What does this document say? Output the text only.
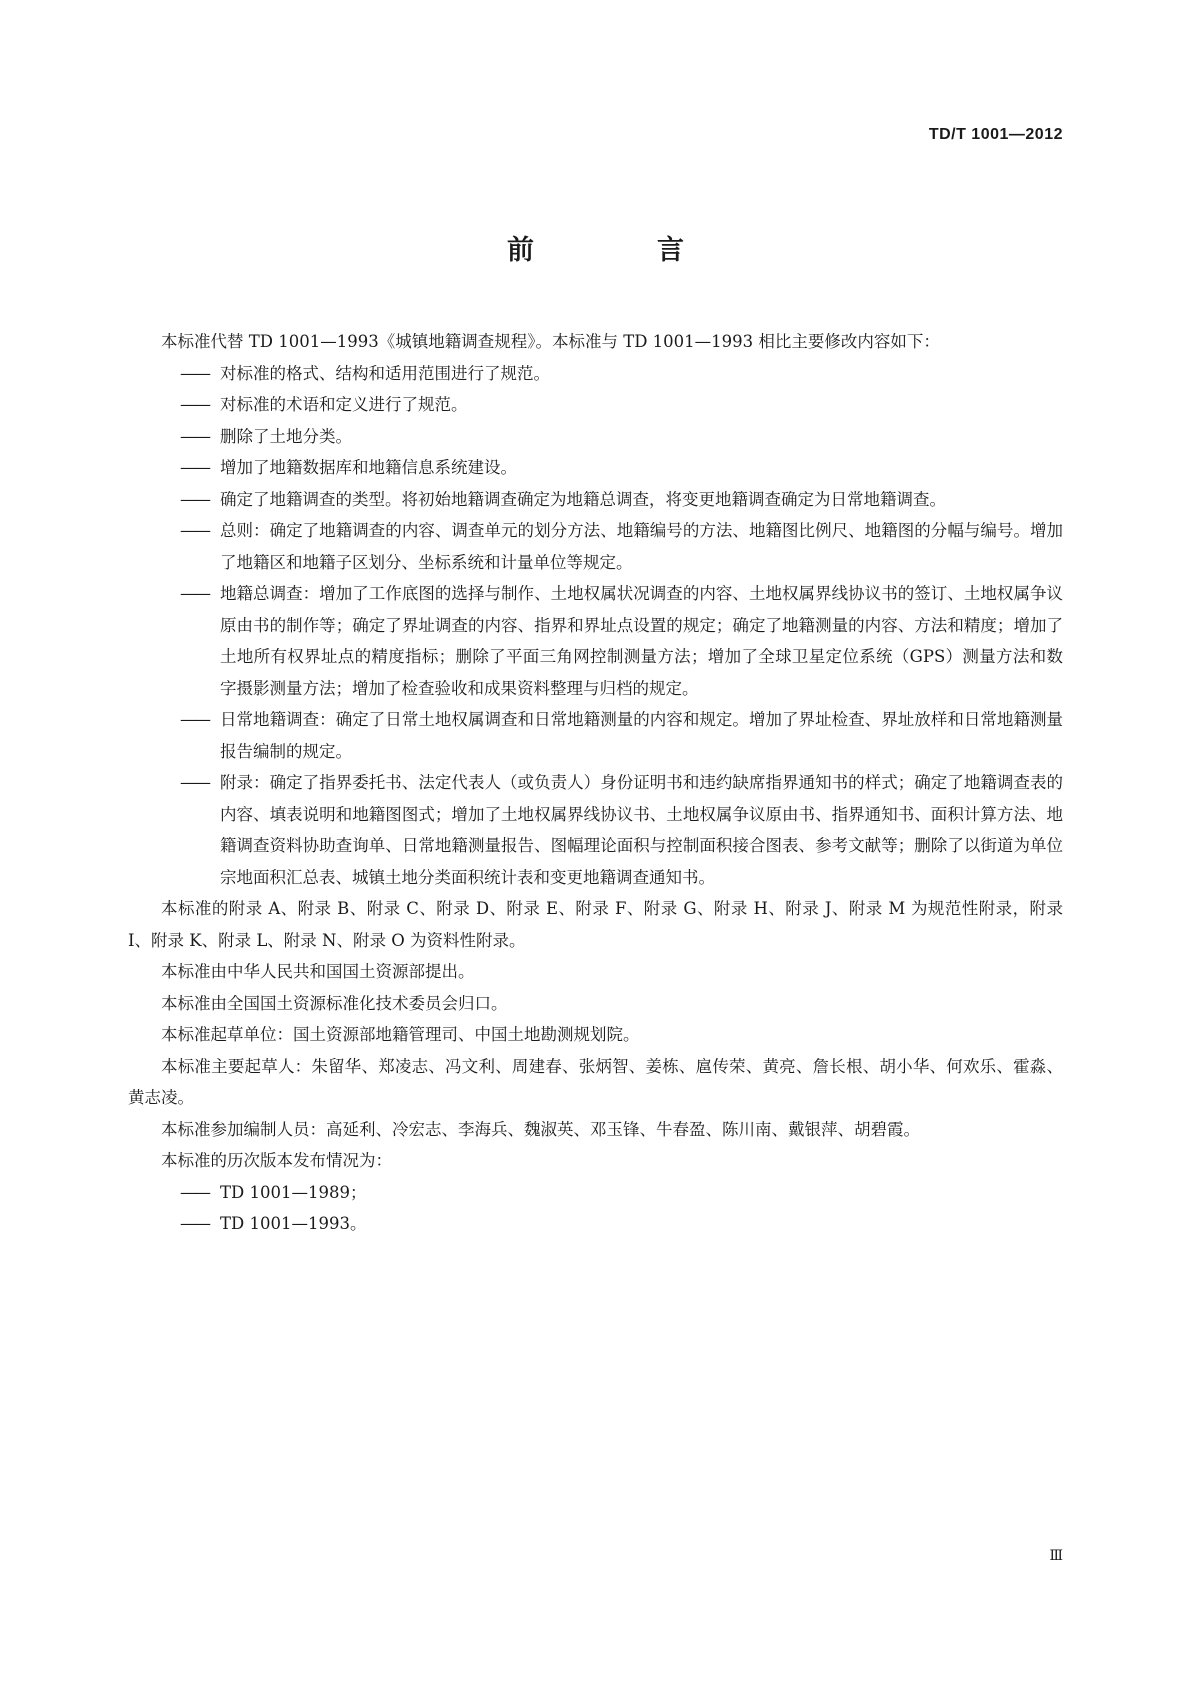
TD/T 1001—2012
前　言

本标准代替 TD 1001—1993《城镇地籍调查规程》。本标准与 TD 1001—1993 相比主要修改内容如下：

—— 对标准的格式、结构和适用范围进行了规范。

—— 对标准的术语和定义进行了规范。

—— 删除了土地分类。

—— 增加了地籍数据库和地籍信息系统建设。

—— 确定了地籍调查的类型。将初始地籍调查确定为地籍总调查，将变更地籍调查确定为日常地籍调查。

—— 总则：确定了地籍调查的内容、调查单元的划分方法、地籍编号的方法、地籍图比例尺、地籍图的分幅与编号。增加了地籍区和地籍子区划分、坐标系统和计量单位等规定。

—— 地籍总调查：增加了工作底图的选择与制作、土地权属状况调查的内容、土地权属界线协议书的签订、土地权属争议原由书的制作等；确定了界址调查的内容、指界和界址点设置的规定；确定了地籍测量的内容、方法和精度；增加了土地所有权界址点的精度指标；删除了平面三角网控制测量方法；增加了全球卫星定位系统（GPS）测量方法和数字摄影测量方法；增加了检查验收和成果资料整理与归档的规定。

—— 日常地籍调查：确定了日常土地权属调查和日常地籍测量的内容和规定。增加了界址检查、界址放样和日常地籍测量报告编制的规定。

—— 附录：确定了指界委托书、法定代表人（或负责人）身份证明书和违约缺席指界通知书的样式；确定了地籍调查表的内容、填表说明和地籍图图式；增加了土地权属界线协议书、土地权属争议原由书、指界通知书、面积计算方法、地籍调查资料协助查询单、日常地籍测量报告、图幅理论面积与控制面积接合图表、参考文献等；删除了以街道为单位宗地面积汇总表、城镇土地分类面积统计表和变更地籍调查通知书。

本标准的附录 A、附录 B、附录 C、附录 D、附录 E、附录 F、附录 G、附录 H、附录 J、附录 M 为规范性附录，附录 I、附录 K、附录 L、附录 N、附录 O 为资料性附录。

本标准由中华人民共和国国土资源部提出。

本标准由全国国土资源标准化技术委员会归口。

本标准起草单位：国土资源部地籍管理司、中国土地勘测规划院。

本标准主要起草人：朱留华、郑凌志、冯文利、周建春、张炳智、姜栋、扈传荣、黄亮、詹长根、胡小华、何欢乐、霍淼、黄志凌。

本标准参加编制人员：高延利、冷宏志、李海兵、魏淑英、邓玉锋、牛春盈、陈川南、戴银萍、胡碧霞。

本标准的历次版本发布情况为：

—— TD 1001—1989；

—— TD 1001—1993。

Ⅲ
